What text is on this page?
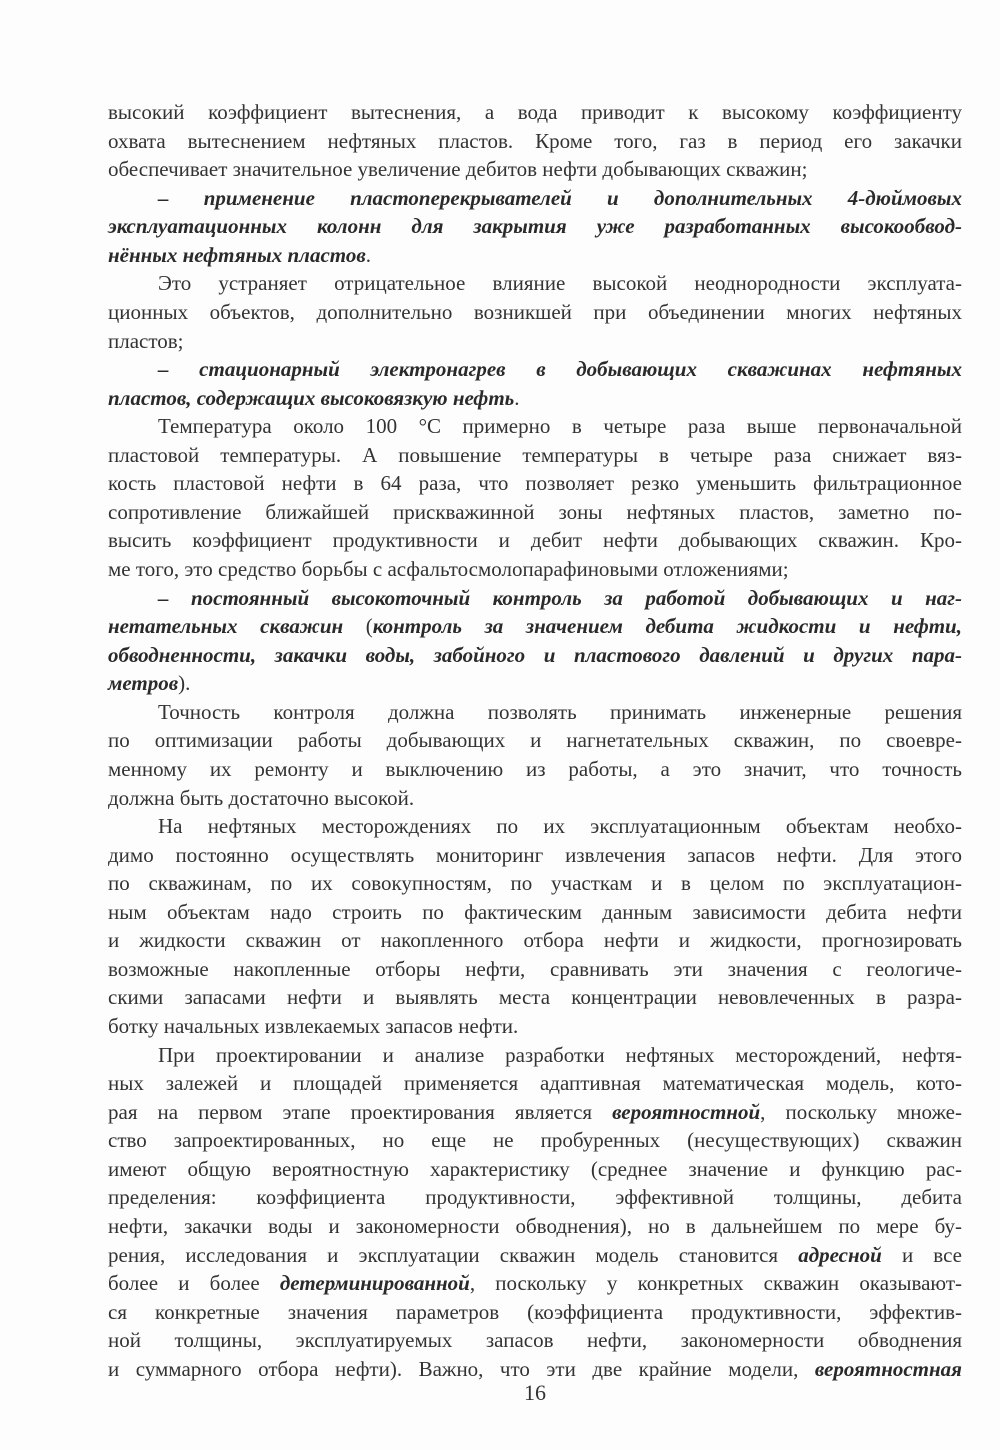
высокий коэффициент вытеснения, а вода приводит к высокому коэффициенту
охвата вытеснением нефтяных пластов. Кроме того, газ в период его закачки
обеспечивает значительное увеличение дебитов нефти добывающих скважин;
– применение пластоперекрывателей и дополнительных 4-дюймовых
эксплуатационных колонн для закрытия уже разработанных высокообвод-
нённых нефтяных пластов.
Это устраняет отрицательное влияние высокой неоднородности эксплуата-
ционных объектов, дополнительно возникшей при объединении многих нефтяных
пластов;
– стационарный электронагрев в добывающих скважинах нефтяных
пластов, содержащих высоковязкую нефть.
Температура около 100 °С примерно в четыре раза выше первоначальной
пластовой температуры. А повышение температуры в четыре раза снижает вяз-
кость пластовой нефти в 64 раза, что позволяет резко уменьшить фильтрационное
сопротивление ближайшей прискважинной зоны нефтяных пластов, заметно по-
высить коэффициент продуктивности и дебит нефти добывающих скважин. Кро-
ме того, это средство борьбы с асфальтосмолопарафиновыми отложениями;
– постоянный высокоточный контроль за работой добывающих и наг-
нетательных скважин (контроль за значением дебита жидкости и нефти,
обводненности, закачки воды, забойного и пластового давлений и других пара-
метров).
Точность контроля должна позволять принимать инженерные решения
по оптимизации работы добывающих и нагнетательных скважин, по своевре-
менному их ремонту и выключению из работы, а это значит, что точность
должна быть достаточно высокой.
На нефтяных месторождениях по их эксплуатационным объектам необхо-
димо постоянно осуществлять мониторинг извлечения запасов нефти. Для этого
по скважинам, по их совокупностям, по участкам и в целом по эксплуатацион-
ным объектам надо строить по фактическим данным зависимости дебита нефти
и жидкости скважин от накопленного отбора нефти и жидкости, прогнозировать
возможные накопленные отборы нефти, сравнивать эти значения с геологиче-
скими запасами нефти и выявлять места концентрации невовлеченных в разра-
ботку начальных извлекаемых запасов нефти.
При проектировании и анализе разработки нефтяных месторождений, нефтя-
ных залежей и площадей применяется адаптивная математическая модель, кото-
рая на первом этапе проектирования является вероятностной, поскольку множе-
ство запроектированных, но еще не пробуренных (несуществующих) скважин
имеют общую вероятностную характеристику (среднее значение и функцию рас-
пределения: коэффициента продуктивности, эффективной толщины, дебита
нефти, закачки воды и закономерности обводнения), но в дальнейшем по мере бу-
рения, исследования и эксплуатации скважин модель становится адресной и все
более и более детерминированной, поскольку у конкретных скважин оказывают-
ся конкретные значения параметров (коэффициента продуктивности, эффектив-
ной толщины, эксплуатируемых запасов нефти, закономерности обводнения
и суммарного отбора нефти). Важно, что эти две крайние модели, вероятностная
16
